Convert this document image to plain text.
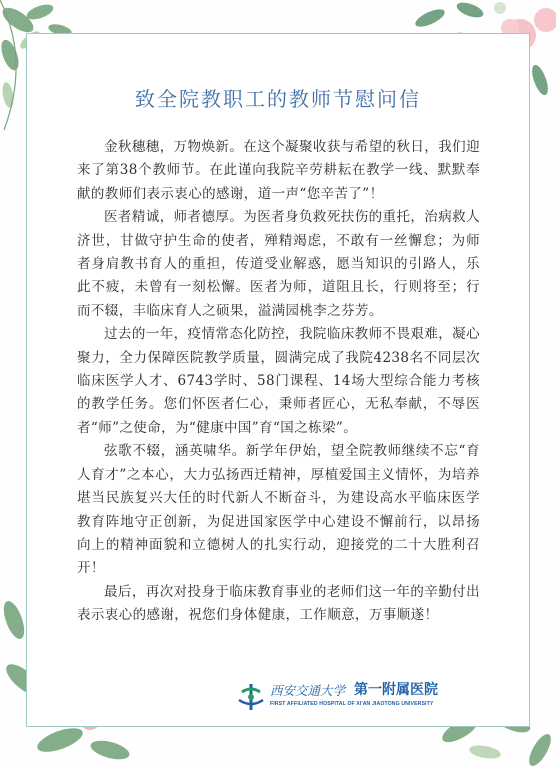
致全院教职工的教师节慰问信

金秋穗穗，万物焕新。在这个凝聚收获与希望的秋日，我们迎来了第38个教师节。在此谨向我院辛劳耕耘在教学一线、默默奉献的教师们表示衷心的感谢，道一声“您辛苦了”！

医者精诚，师者德厚。为医者身负救死扶伤的重托，治病救人济世，甘做守护生命的使者，殚精竭虑，不敢有一丝懈怠；为师者身肩教书育人的重担，传道受业解惑，愿当知识的引路人，乐此不疲，未曾有一刻松懈。医者为师，道阻且长，行则将至；行而不辍，丰临床育人之硕果，溢满园桃李之芬芳。

过去的一年，疫情常态化防控，我院临床教师不畏艰难，凝心聚力，全力保障医院教学质量，圆满完成了我院4238名不同层次临床医学人才、6743学时、58门课程、14场大型综合能力考核的教学任务。您们怀医者仁心，秉师者匠心，无私奉献，不辱医者“师”之使命，为“健康中国”育“国之栋梁”。

弦歌不辍，涵英啸华。新学年伊始，望全院教师继续不忘“育人育才”之本心，大力弘扬西迁精神，厚植爱国主义情怀，为培养堪当民族复兴大任的时代新人不断奋斗，为建设高水平临床医学教育阵地守正创新，为促进国家医学中心建设不懈前行，以昂扬向上的精神面貌和立德树人的扎实行动，迎接党的二十大胜利召开！

最后，再次对投身于临床教育事业的老师们这一年的辛勤付出表示衷心的感谢，祝您们身体健康，工作顺意，万事顺遂！

西安交通大学 第一附属医院
FIRST AFFILIATED HOSPITAL OF XI'AN JIAOTONG UNIVERSITY
